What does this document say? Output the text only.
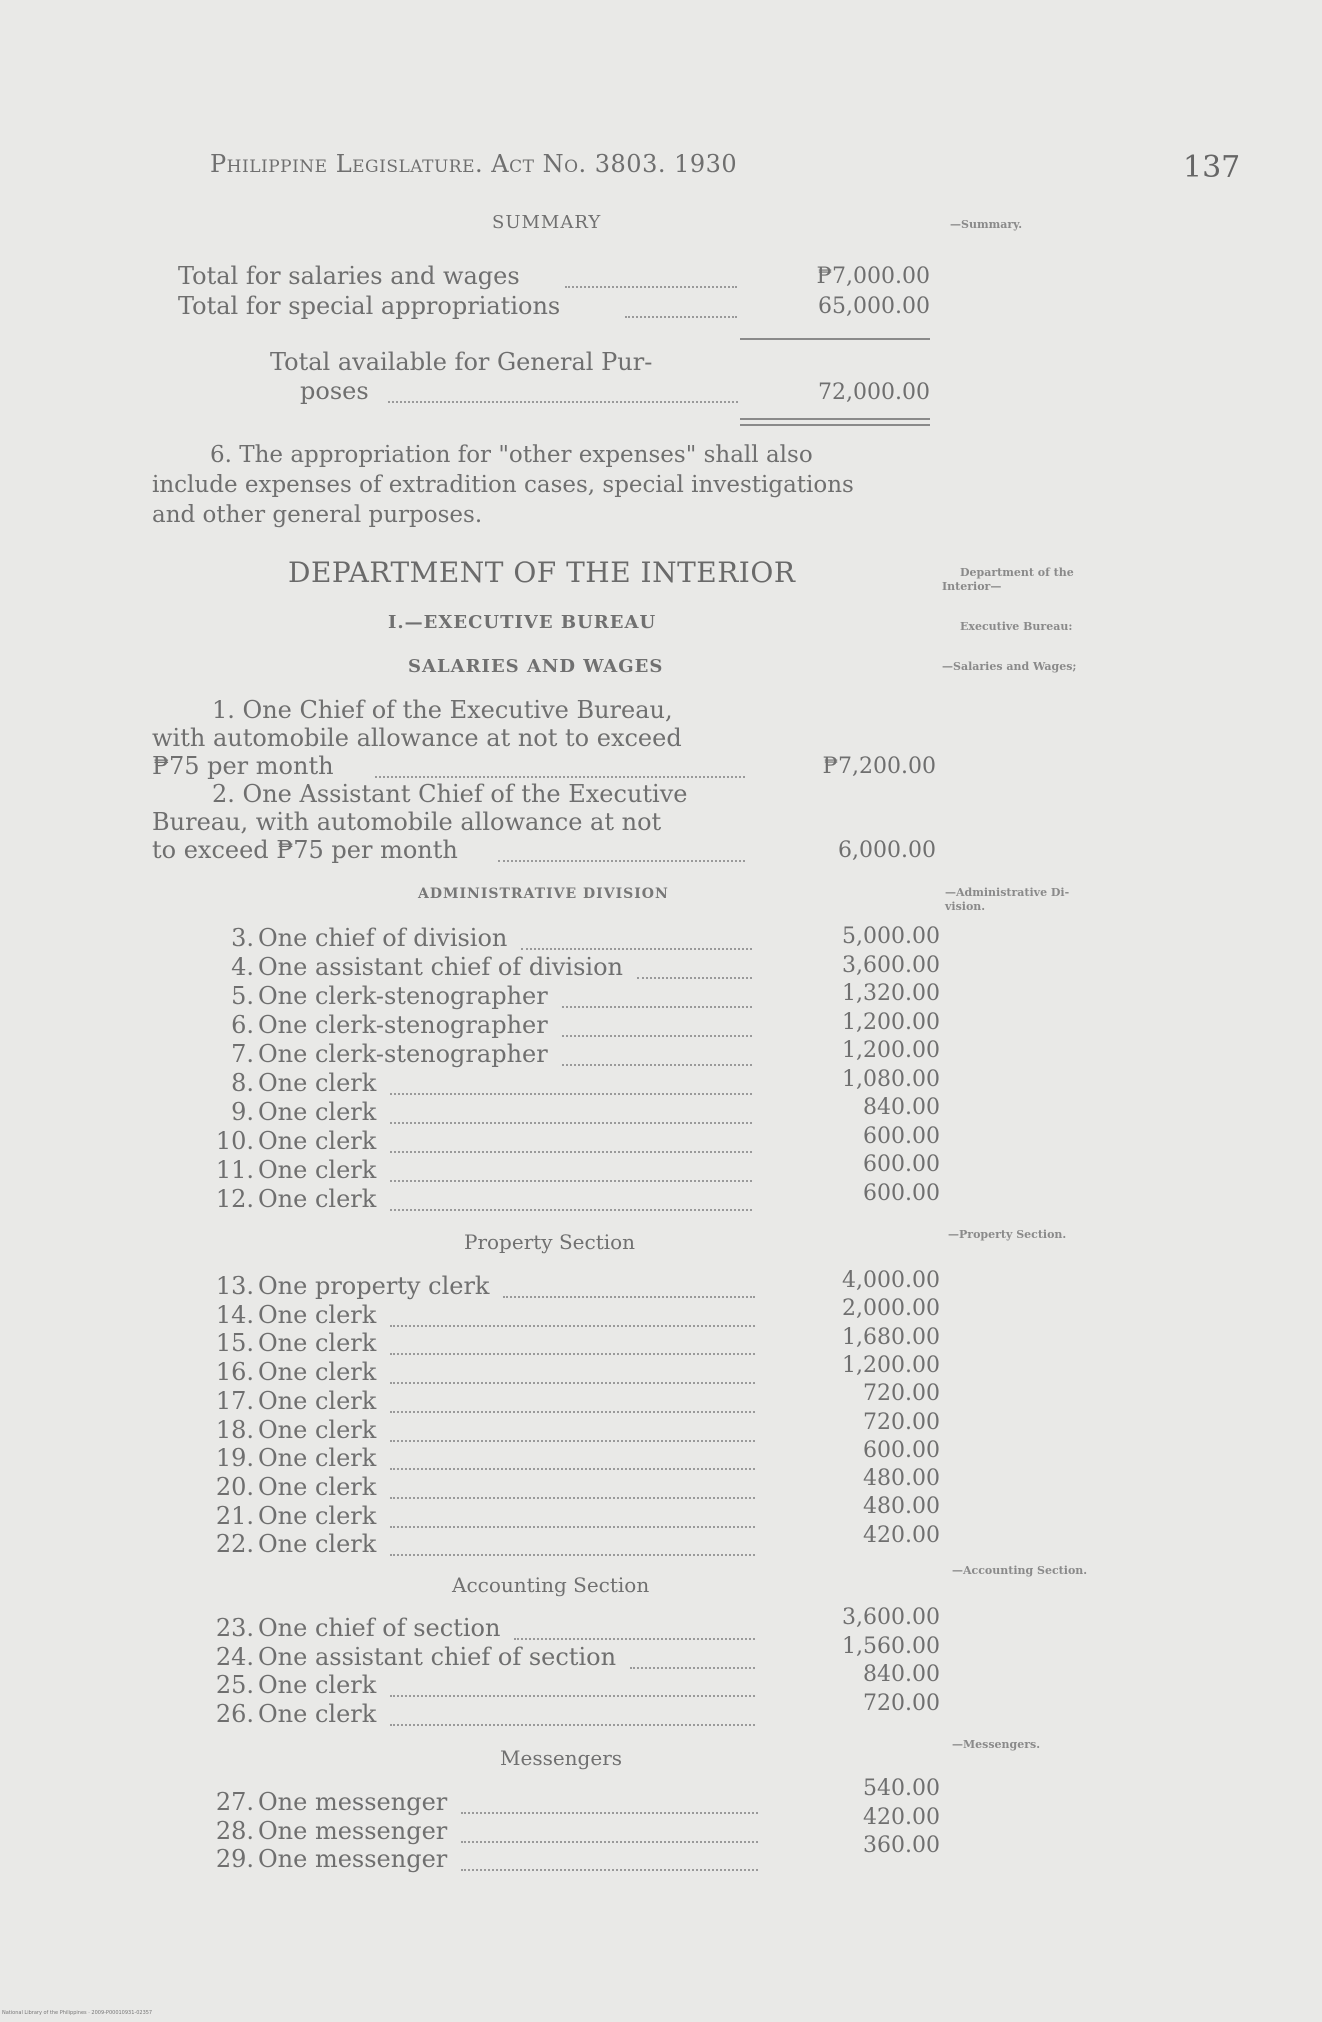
Philippine Legislature. Act No. 3803. 1930	137
SUMMARY	—Summary.
Total for salaries and wages	₱7,000.00
Total for special appropriations	65,000.00
Total available for General Pur-
poses	72,000.00
6. The appropriation for "other expenses" shall also
include expenses of extradition cases, special investigations
and other general purposes.
DEPARTMENT OF THE INTERIOR	Department of the
Interior—
I.—EXECUTIVE BUREAU	Executive Bureau:
SALARIES AND WAGES	—Salaries and Wages;
1. One Chief of the Executive Bureau,
with automobile allowance at not to exceed
₱75 per month	₱7,200.00
2. One Assistant Chief of the Executive
Bureau, with automobile allowance at not
to exceed ₱75 per month	6,000.00
ADMINISTRATIVE DIVISION	—Administrative Di-
vision.
3. One chief of division	5,000.00
4. One assistant chief of division	3,600.00
5. One clerk-stenographer	1,320.00
6. One clerk-stenographer	1,200.00
7. One clerk-stenographer	1,200.00
8. One clerk	1,080.00
9. One clerk	840.00
10. One clerk	600.00
11. One clerk	600.00
12. One clerk	600.00
Property Section	—Property Section.
13. One property clerk	4,000.00
14. One clerk	2,000.00
15. One clerk	1,680.00
16. One clerk	1,200.00
17. One clerk	720.00
18. One clerk	720.00
19. One clerk	600.00
20. One clerk	480.00
21. One clerk	480.00
22. One clerk	420.00
Accounting Section
—Accounting Section.
23. One chief of section	3,600.00
24. One assistant chief of section	1,560.00
25. One clerk	840.00
26. One clerk	720.00
Messengers
—Messengers.
27. One messenger	540.00
28. One messenger	420.00
29. One messenger	360.00
National Library of the Philippines · 2009-P00010931-02357
